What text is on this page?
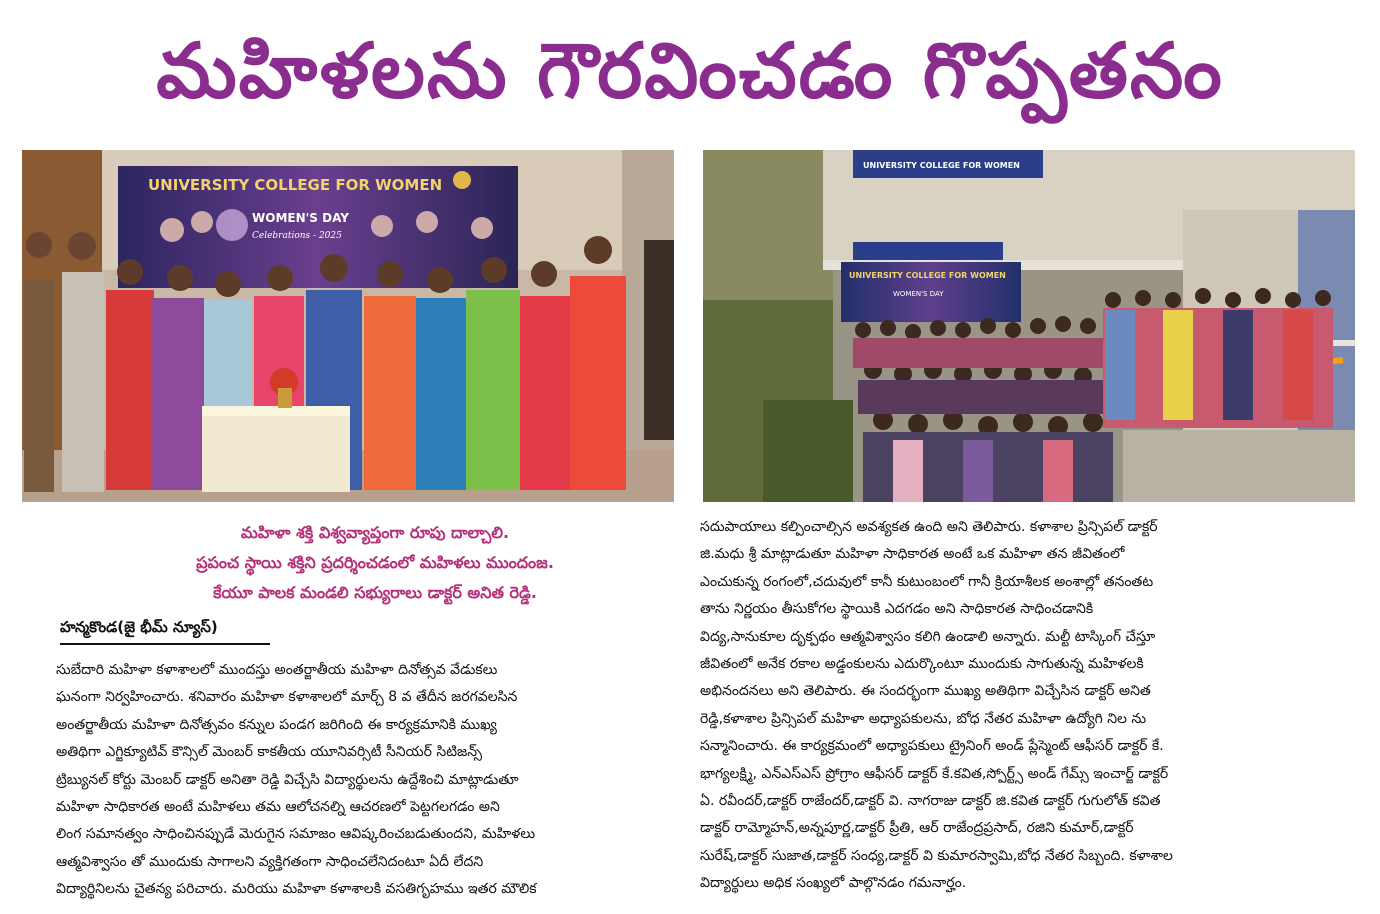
మహిళలను గౌరవించడం గొప్పతనం
UNIVERSITY COLLEGE FOR WOMEN
WOMEN'S DAY
Celebrations - 2025
UNIVERSITY COLLEGE FOR WOMEN
UNIVERSITY COLLEGE FOR WOMEN
WOMEN'S DAY
మహిళా శక్తి విశ్వవ్యాప్తంగా రూపు దాల్చాలి.
ప్రపంచ స్థాయి శక్తిని ప్రదర్శించడంలో మహిళలు ముందంజ.
కేయూ పాలక మండలి సభ్యురాలు డాక్టర్ అనిత రెడ్డి.
హన్మకొండ(జై భీమ్ న్యూస్)
సుబేదారి మహిళా కళాశాలలో ముందస్తు అంతర్జాతీయ మహిళా దినోత్సవ వేడుకలు
ఘనంగా నిర్వహించారు. శనివారం మహిళా కళాశాలలో మార్చ్ 8 వ తేదీన జరగవలసిన
అంతర్జాతీయ మహిళా దినోత్సవం కన్నుల పండగ జరిగింది ఈ కార్యక్రమానికి ముఖ్య
అతిథిగా ఎగ్జిక్యూటివ్ కౌన్సిల్ మెంబర్ కాకతీయ యూనివర్సిటీ సీనియర్ సిటిజన్స్
ట్రిబ్యునల్ కోర్టు మెంబర్ డాక్టర్ అనితా రెడ్డి విచ్చేసి విద్యార్థులను ఉద్దేశించి మాట్లాడుతూ
మహిళా సాధికారత అంటే మహిళలు తమ ఆలోచనల్ని ఆచరణలో పెట్టగలగడం అని
లింగ సమానత్వం సాధించినప్పుడే మెరుగైన సమాజం ఆవిష్కరించబడుతుందని, మహిళలు
ఆత్మవిశ్వాసం తో ముందుకు సాగాలని వ్యక్తిగతంగా సాధించలేనిదంటూ ఏదీ లేదని
విద్యార్థినిలను చైతన్య పరిచారు. మరియు మహిళా కళాశాలకి వసతిగృహము ఇతర మౌలిక
సదుపాయాలు కల్పించాల్సిన అవశ్యకత ఉంది అని తెలిపారు. కళాశాల ప్రిన్సిపల్ డాక్టర్
జి.మధు శ్రీ మాట్లాడుతూ మహిళా సాధికారత అంటే ఒక మహిళా తన జీవితంలో
ఎంచుకున్న రంగంలో,చదువులో కానీ కుటుంబంలో గానీ క్రియాశీలక అంశాల్లో తనంతట
తాను నిర్ణయం తీసుకోగల స్థాయికి ఎదగడం అని సాధికారత సాధించడానికి
విద్య,సానుకూల దృక్పథం ఆత్మవిశ్వాసం కలిగి ఉండాలి అన్నారు. మల్టీ టాస్కింగ్ చేస్తూ
జీవితంలో అనేక రకాల అడ్డంకులను ఎదుర్కొంటూ ముందుకు సాగుతున్న మహిళలకి
అభినందనలు అని తెలిపారు. ఈ సందర్భంగా ముఖ్య అతిథిగా విచ్చేసిన డాక్టర్ అనిత
రెడ్డి,కళాశాల ప్రిన్సిపల్ మహిళా అధ్యాపకులను, బోధ నేతర మహిళా ఉద్యోగి నిల ను
సన్మానించారు. ఈ కార్యక్రమంలో అధ్యాపకులు ట్రైనింగ్ అండ్ ప్లేస్మెంట్ ఆఫీసర్ డాక్టర్ కే.
భాగ్యలక్ష్మి, ఎన్ఎస్ఎస్ ప్రోగ్రాం ఆఫీసర్ డాక్టర్ కే.కవిత,స్పోర్ట్స్ అండ్ గేమ్స్ ఇంచార్జ్ డాక్టర్
ఏ. రవీందర్,డాక్టర్ రాజేందర్,డాక్టర్ వి. నాగరాజు డాక్టర్ జి.కవిత డాక్టర్ గుగులోత్ కవిత
డాక్టర్ రామ్మోహన్,అన్నపూర్ణ,డాక్టర్ ప్రీతి, ఆర్ రాజేంద్రప్రసాద్, రజిని కుమార్,డాక్టర్
సురేష్,డాక్టర్ సుజాత,డాక్టర్ సంధ్య,డాక్టర్ వి కుమారస్వామి,బోధ నేతర సిబ్బంది. కళాశాల
విద్యార్థులు అధిక సంఖ్యలో పాల్గొనడం గమనార్హం.
